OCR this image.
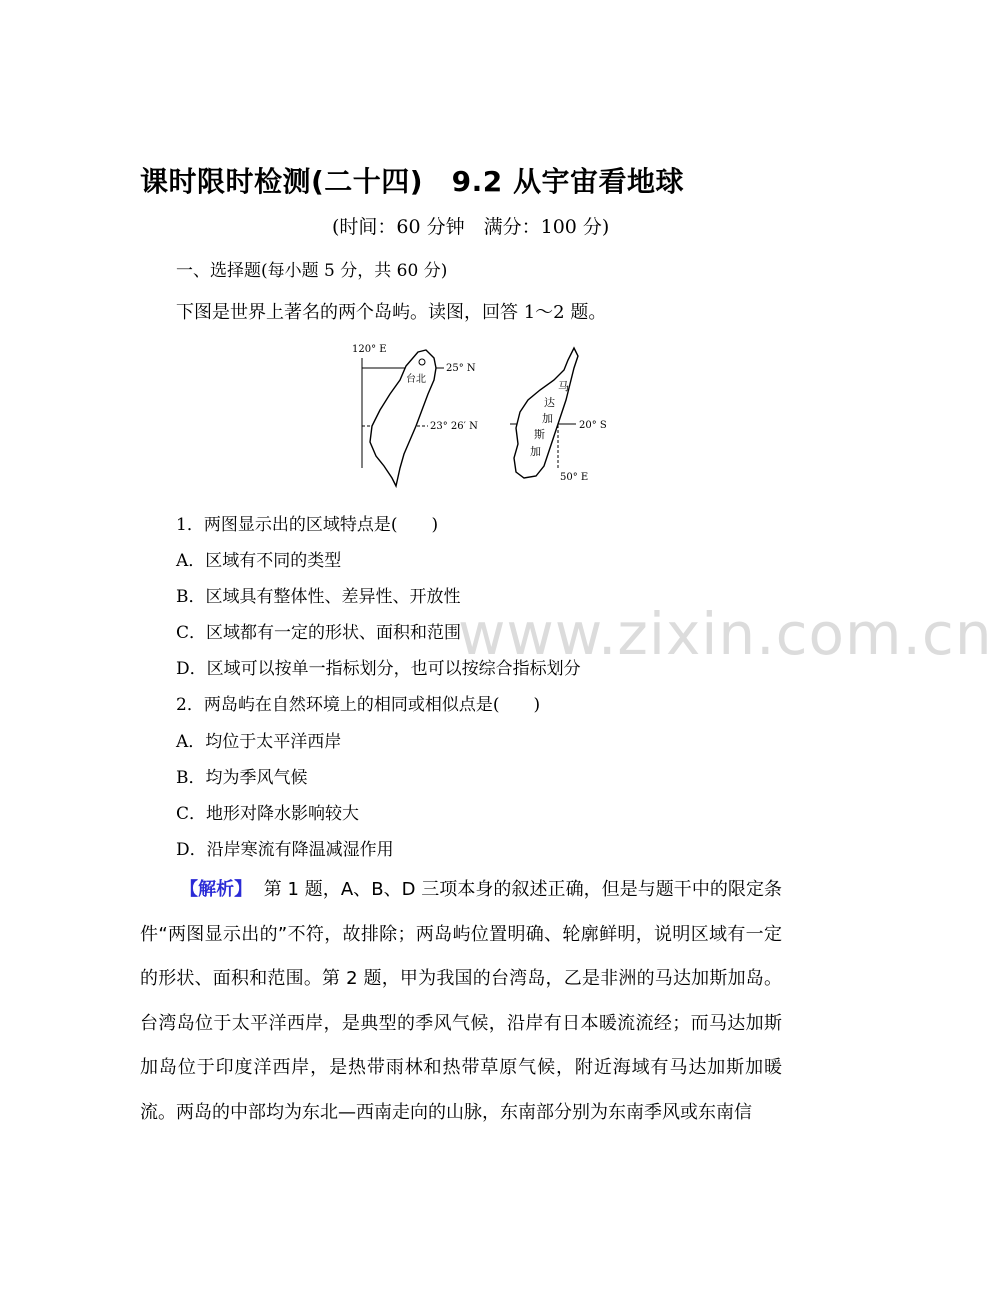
课时限时检测(二十四)　9.2 从宇宙看地球
(时间：60 分钟　满分：100 分)
一、选择题(每小题 5 分，共 60 分)
下图是世界上著名的两个岛屿。读图，回答 1～2 题。
120° E
25° N
23° 26′ N
台北
马
达
加
斯
加
20° S
50° E
www.zixin.com.cn
1．两图显示出的区域特点是(　　)
A．区域有不同的类型
B．区域具有整体性、差异性、开放性
C．区域都有一定的形状、面积和范围
D．区域可以按单一指标划分，也可以按综合指标划分
2．两岛屿在自然环境上的相同或相似点是(　　)
A．均位于太平洋西岸
B．均为季风气候
C．地形对降水影响较大
D．沿岸寒流有降温减湿作用
【解析】 第 1 题，A、B、D 三项本身的叙述正确，但是与题干中的限定条件“两图显示出的”不符，故排除；两岛屿位置明确、轮廓鲜明，说明区域有一定的形状、面积和范围。第 2 题，甲为我国的台湾岛，乙是非洲的马达加斯加岛。台湾岛位于太平洋西岸，是典型的季风气候，沿岸有日本暖流流经；而马达加斯加岛位于印度洋西岸，是热带雨林和热带草原气候，附近海域有马达加斯加暖流。两岛的中部均为东北—西南走向的山脉，东南部分别为东南季风或东南信
